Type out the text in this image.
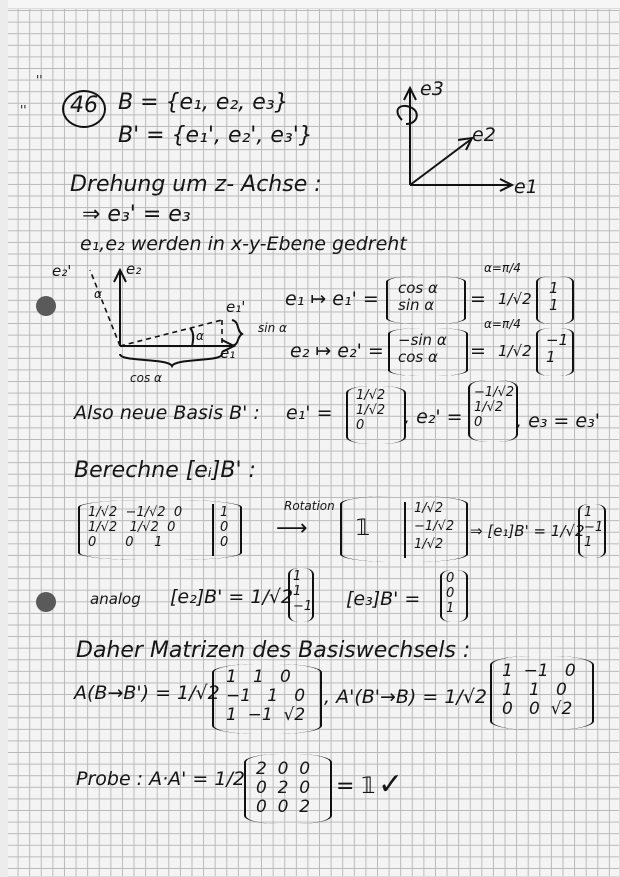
46 B = {e₁, e₂, e₃}
B' = {e₁', e₂', e₃'}
e3
e2
e1
Drehung um z- Achse :
⇒ e₃' = e₃
e₁,e₂ werden in x-y-Ebene gedreht
e₂'	e₂
e₁'
e₁
α
α
sin α
cos α
e₁ ↦ e₁' = cos α
sin α =
α=π/4
1/√2
1
1
e₂ ↦ e₂' = −sin α
cos α	=
α=π/4
1/√2
−1
1
Also neue Basis B' : e₁' =
1/√2
1/√2
0	, e₂' =
−1/√2
1/√2
0	, e₃ = e₃'
Berechne [eᵢ]B' :
1/√2  −1/√2  0
1/√2   1/√2  0
0       0     1
1
0
0
Rotation
⟶ 𝟙
1/√2
−1/√2
1/√2
⇒ [e₁]B' = 1/√2
1
−1
1
analog [e₂]B' = 1/√2
1
1
−1 [e₃]B' =
0
0
1
Daher Matrizen des Basiswechsels :
A(B→B') = 1/√2
1   1   0
−1   1   0
1  −1  √2
, A'(B'→B) = 1/√2
1  −1   0
1   1   0
0   0  √2
Probe : A·A' = 1/2 2  0  0
0  2  0
0  0  2
= 𝟙 ✓
''
''
